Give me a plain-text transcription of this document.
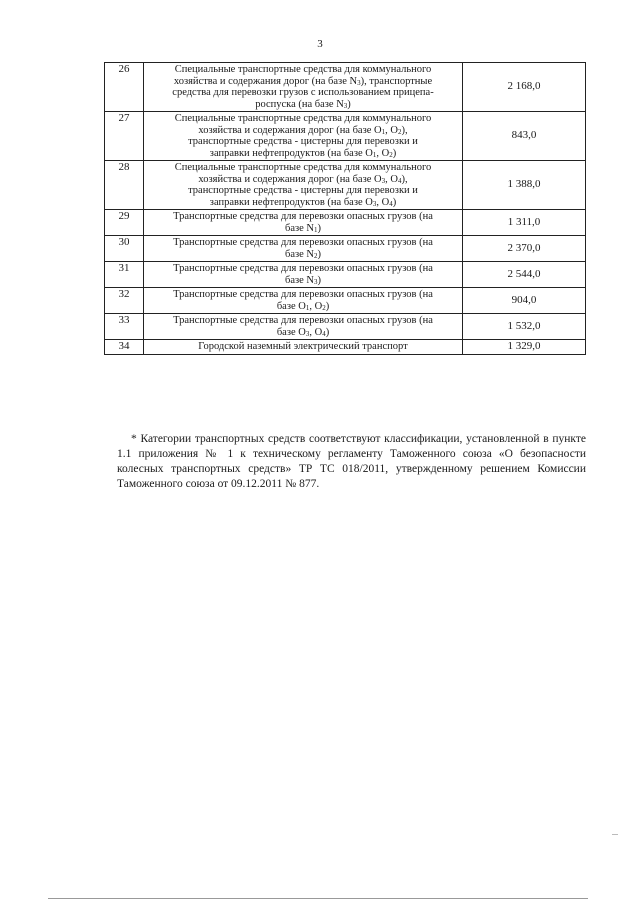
3
26	Специальные транспортные средства для коммунального
хозяйства и содержания дорог (на базе $N_3$), транспортные
средства для перевозки грузов с использованием прицепа-
роспуска (на базе $N_3$)	2 168,0
27	Специальные транспортные средства для коммунального
хозяйства и содержания дорог (на базе $O_1$, $O_2$),
транспортные средства - цистерны для перевозки и
заправки нефтепродуктов (на базе $O_1$, $O_2$)	843,0
28	Специальные транспортные средства для коммунального
хозяйства и содержания дорог (на базе $O_3$, $O_4$),
транспортные средства - цистерны для перевозки и
заправки нефтепродуктов (на базе $O_3$, $O_4$)	1 388,0
29	Транспортные средства для перевозки опасных грузов (на
базе $N_1$)	1 311,0
30	Транспортные средства для перевозки опасных грузов (на
базе $N_2$)	2 370,0
31	Транспортные средства для перевозки опасных грузов (на
базе $N_3$)	2 544,0
32	Транспортные средства для перевозки опасных грузов (на
базе $O_1$, $O_2$)	904,0
33	Транспортные средства для перевозки опасных грузов (на
базе $O_3$, $O_4$)	1 532,0
34	Городской наземный электрический транспорт	1 329,0

* Категории транспортных средств соответствуют классификации, установленной в пункте 1.1 приложения № 1 к техническому регламенту Таможенного союза «О безопасности колесных транспортных средств» ТР ТС 018/2011, утвержденному решением Комиссии Таможенного союза от 09.12.2011 № 877.
